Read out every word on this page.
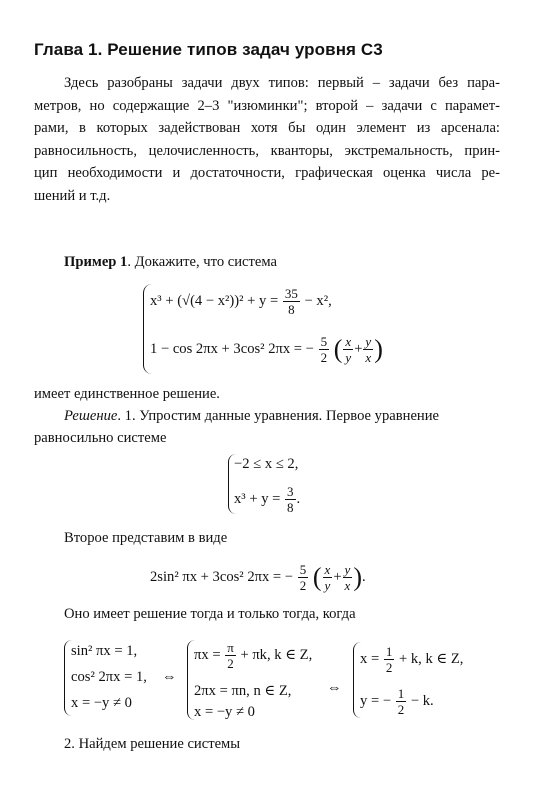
Глава 1. Решение типов задач уровня С3
Здесь разобраны задачи двух типов: первый – задачи без пара-
метров, но содержащие 2–3 "изюминки"; второй – задачи с парамет-
рами, в которых задействован хотя бы один элемент из арсенала:
равносильность, целочисленность, кванторы, экстремальность, прин-
цип необходимости и достаточности, графическая оценка числа ре-
шений и т.д.
Пример 1. Докажите, что система
$x^3 + (√(4 - x^2))^2 + y = \frac{35}{8} - x^2$,
1 − cos 2πx + 3cos² 2πx = − $\frac{5}{2}$ ( $\frac{x}{y} + \frac{y}{x}$ )
имеет единственное решение.
Решение. 1. Упростим данные уравнения. Первое уравнение
равносильно системе
−2 ≤ x ≤ 2,
$x^3 + y = \frac{3}{8}$ .
Второе представим в виде
2sin² πx + 3cos² 2πx = − $\frac{5}{2}$ ( $\frac{x}{y} + \frac{y}{x}$ ).
Оно имеет решение тогда и только тогда, когда
sin² πx = 1,
cos² 2πx = 1,
x = −y ≠ 0
⇔
$\pi x = \frac{\pi}{2} + \pi k$, k ∈ Z,
2πx = πn, n ∈ Z,
x = −y ≠ 0
⇔
$x = \frac{1}{2} + k$, k ∈ Z,
y = − $\frac{1}{2} - k$.
2. Найдем решение системы
